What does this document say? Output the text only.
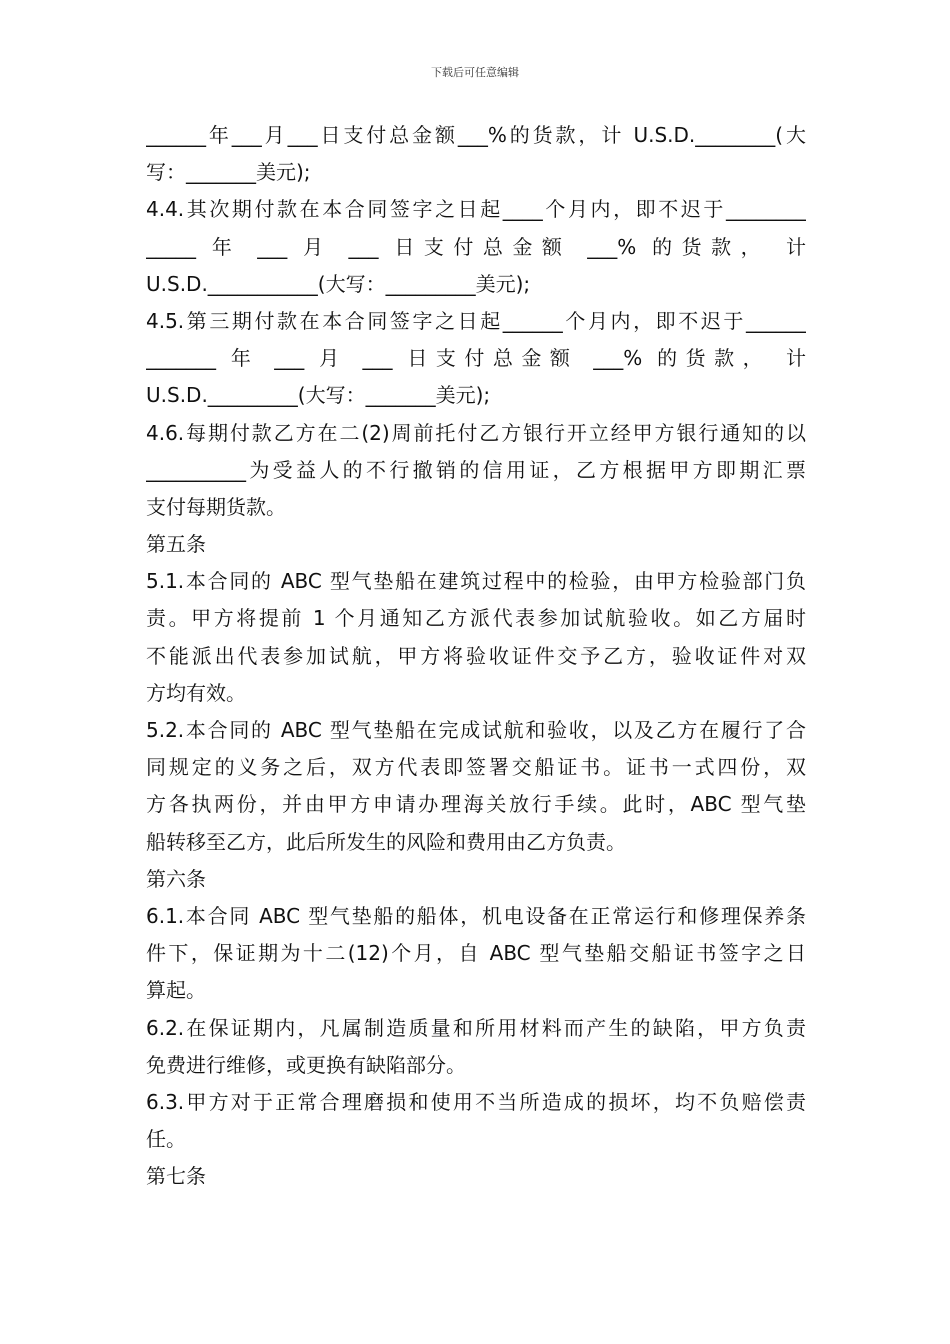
下载后可任意编辑
______年___月___日支付总金额___%的货款，计 U.S.D.________(大
写：_______美元);
4.4.其次期付款在本合同签字之日起____个月内，即不迟于________
_____ 年 ___ 月 ___ 日支付总金额 ___% 的货款， 计
U.S.D.___________(大写：_________美元);
4.5.第三期付款在本合同签字之日起______个月内，即不迟于______
_______ 年 ___ 月 ___ 日支付总金额 ___% 的货款， 计
U.S.D._________(大写：_______美元);
4.6.每期付款乙方在二(2)周前托付乙方银行开立经甲方银行通知的以
__________为受益人的不行撤销的信用证，乙方根据甲方即期汇票
支付每期货款。
第五条
5.1.本合同的 ABC 型气垫船在建筑过程中的检验，由甲方检验部门负
责。甲方将提前 1 个月通知乙方派代表参加试航验收。如乙方届时
不能派出代表参加试航，甲方将验收证件交予乙方，验收证件对双
方均有效。
5.2.本合同的 ABC 型气垫船在完成试航和验收，以及乙方在履行了合
同规定的义务之后，双方代表即签署交船证书。证书一式四份，双
方各执两份，并由甲方申请办理海关放行手续。此时，ABC 型气垫
船转移至乙方，此后所发生的风险和费用由乙方负责。
第六条
6.1.本合同 ABC 型气垫船的船体，机电设备在正常运行和修理保养条
件下，保证期为十二(12)个月，自 ABC 型气垫船交船证书签字之日
算起。
6.2.在保证期内，凡属制造质量和所用材料而产生的缺陷，甲方负责
免费进行维修，或更换有缺陷部分。
6.3.甲方对于正常合理磨损和使用不当所造成的损坏，均不负赔偿责
任。
第七条
